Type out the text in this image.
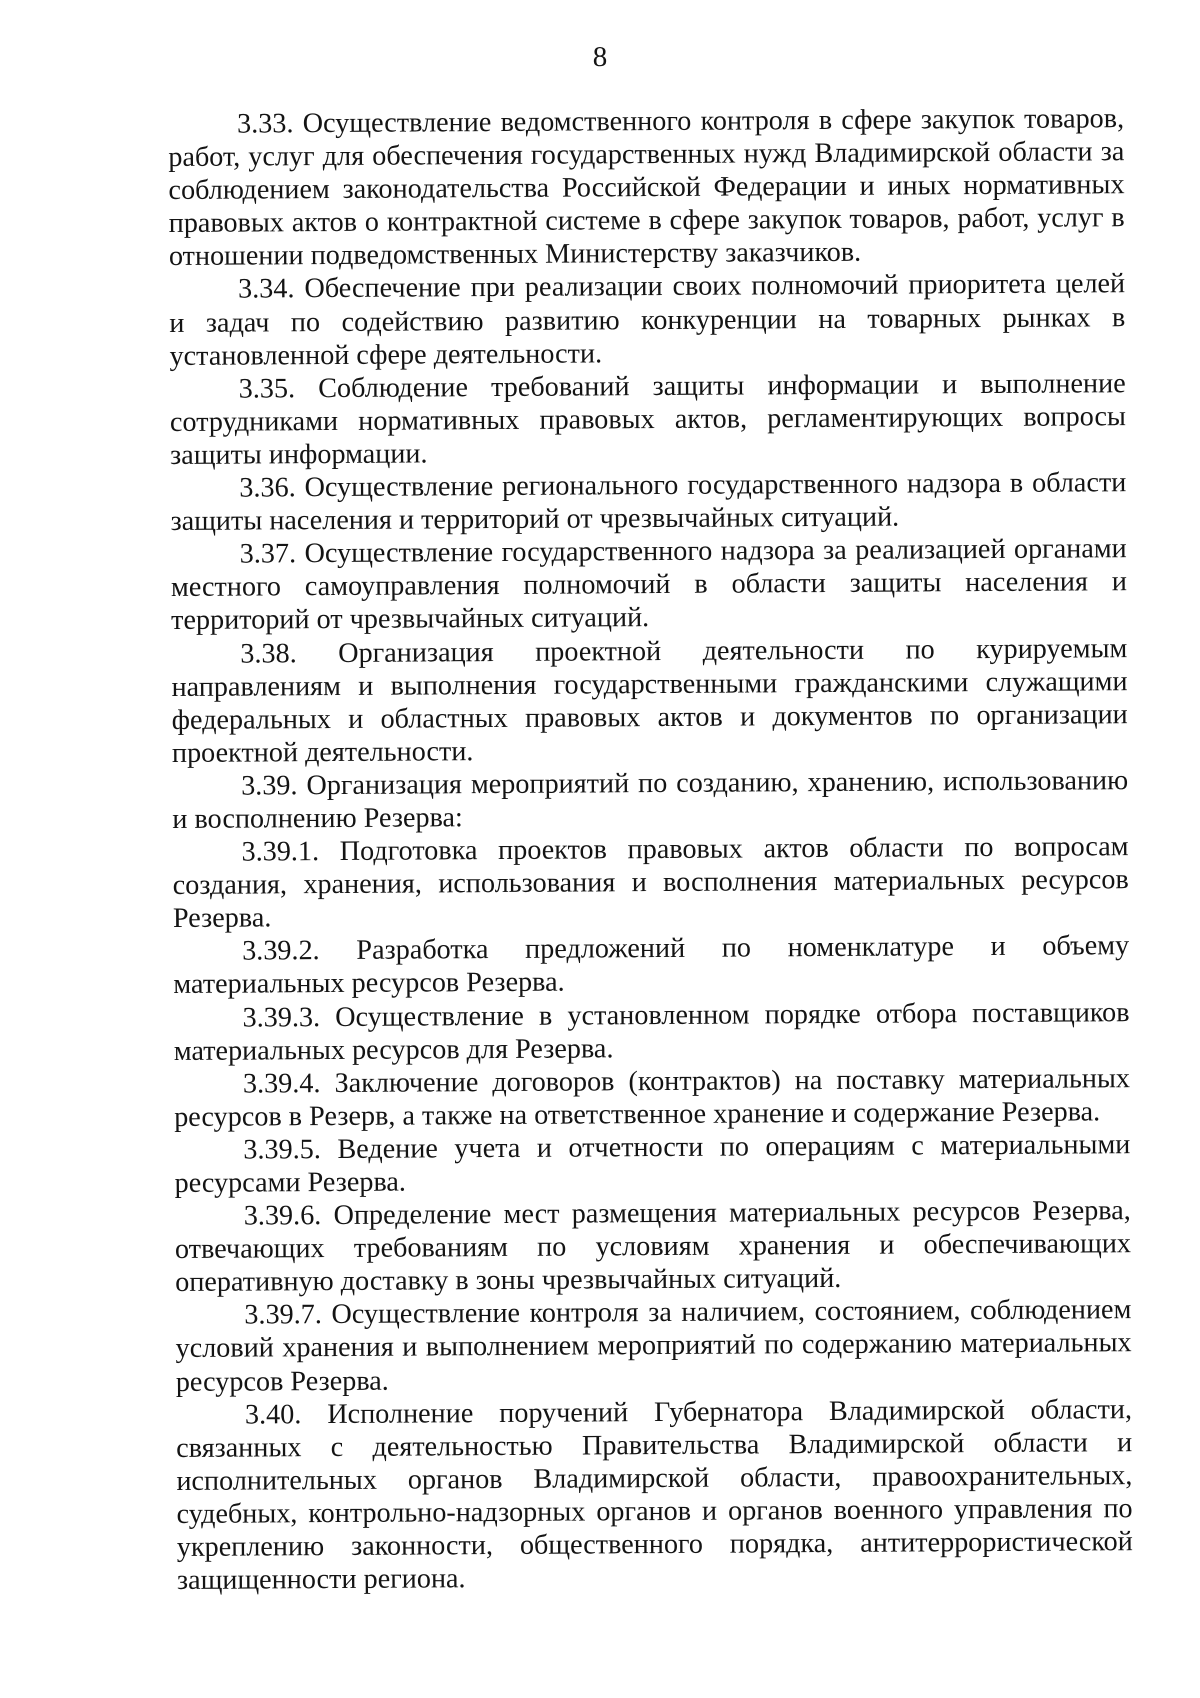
8

3.33. Осуществление ведомственного контроля в сфере закупок товаров, работ, услуг для обеспечения государственных нужд Владимирской области за соблюдением законодательства Российской Федерации и иных нормативных правовых актов о контрактной системе в сфере закупок товаров, работ, услуг в отношении подведомственных Министерству заказчиков.

3.34. Обеспечение при реализации своих полномочий приоритета целей и задач по содействию развитию конкуренции на товарных рынках в установленной сфере деятельности.

3.35. Соблюдение требований защиты информации и выполнение сотрудниками нормативных правовых актов, регламентирующих вопросы защиты информации.

3.36. Осуществление регионального государственного надзора в области защиты населения и территорий от чрезвычайных ситуаций.

3.37. Осуществление государственного надзора за реализацией органами местного самоуправления полномочий в области защиты населения и территорий от чрезвычайных ситуаций.

3.38. Организация проектной деятельности по курируемым направлениям и выполнения государственными гражданскими служащими федеральных и областных правовых актов и документов по организации проектной деятельности.

3.39. Организация мероприятий по созданию, хранению, использованию и восполнению Резерва:

3.39.1. Подготовка проектов правовых актов области по вопросам создания, хранения, использования и восполнения материальных ресурсов Резерва.

3.39.2. Разработка предложений по номенклатуре и объему материальных ресурсов Резерва.

3.39.3. Осуществление в установленном порядке отбора поставщиков материальных ресурсов для Резерва.

3.39.4. Заключение договоров (контрактов) на поставку материальных ресурсов в Резерв, а также на ответственное хранение и содержание Резерва.

3.39.5. Ведение учета и отчетности по операциям с материальными ресурсами Резерва.

3.39.6. Определение мест размещения материальных ресурсов Резерва, отвечающих требованиям по условиям хранения и обеспечивающих оперативную доставку в зоны чрезвычайных ситуаций.

3.39.7. Осуществление контроля за наличием, состоянием, соблюдением условий хранения и выполнением мероприятий по содержанию материальных ресурсов Резерва.

3.40. Исполнение поручений Губернатора Владимирской области, связанных с деятельностью Правительства Владимирской области и исполнительных органов Владимирской области, правоохранительных, судебных, контрольно-надзорных органов и органов военного управления по укреплению законности, общественного порядка, антитеррористической защищенности региона.
